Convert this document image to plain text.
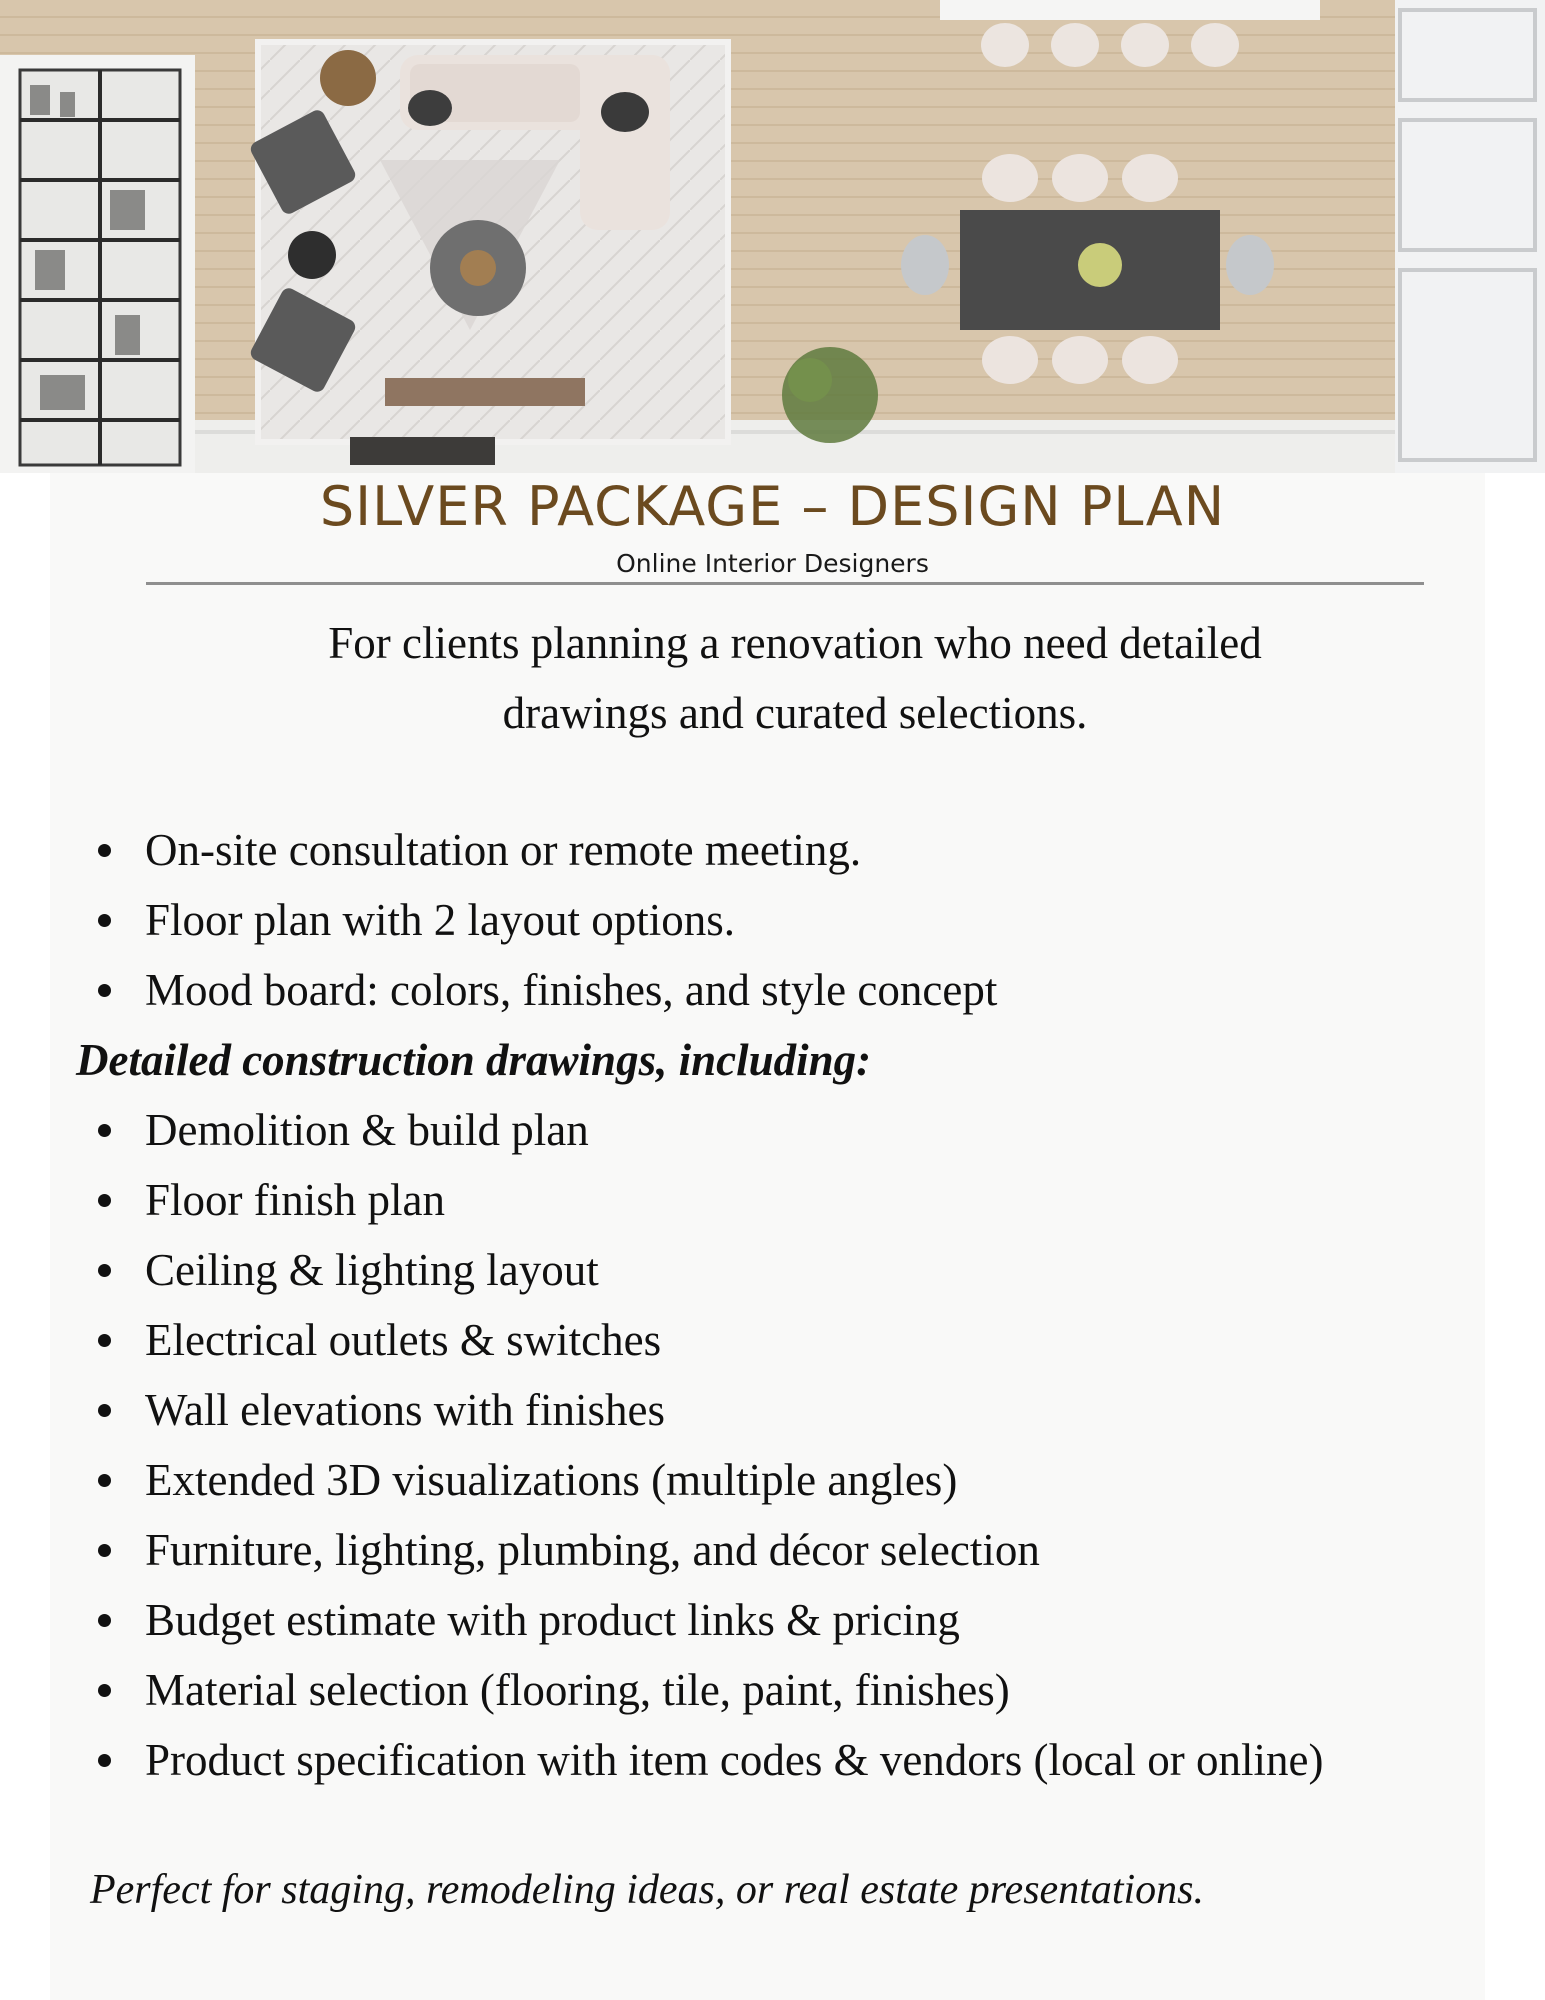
SILVER PACKAGE – DESIGN PLAN
Online Interior Designers
For clients planning a renovation who need detailed
drawings and curated selections.
On-site consultation or remote meeting.
Floor plan with 2 layout options.
Mood board: colors, finishes, and style concept
Detailed construction drawings, including:
Demolition & build plan
Floor finish plan
Ceiling & lighting layout
Electrical outlets & switches
Wall elevations with finishes
Extended 3D visualizations (multiple angles)
Furniture, lighting, plumbing, and décor selection
Budget estimate with product links & pricing
Material selection (flooring, tile, paint, finishes)
Product specification with item codes & vendors (local or online)
Perfect for staging, remodeling ideas, or real estate presentations.
